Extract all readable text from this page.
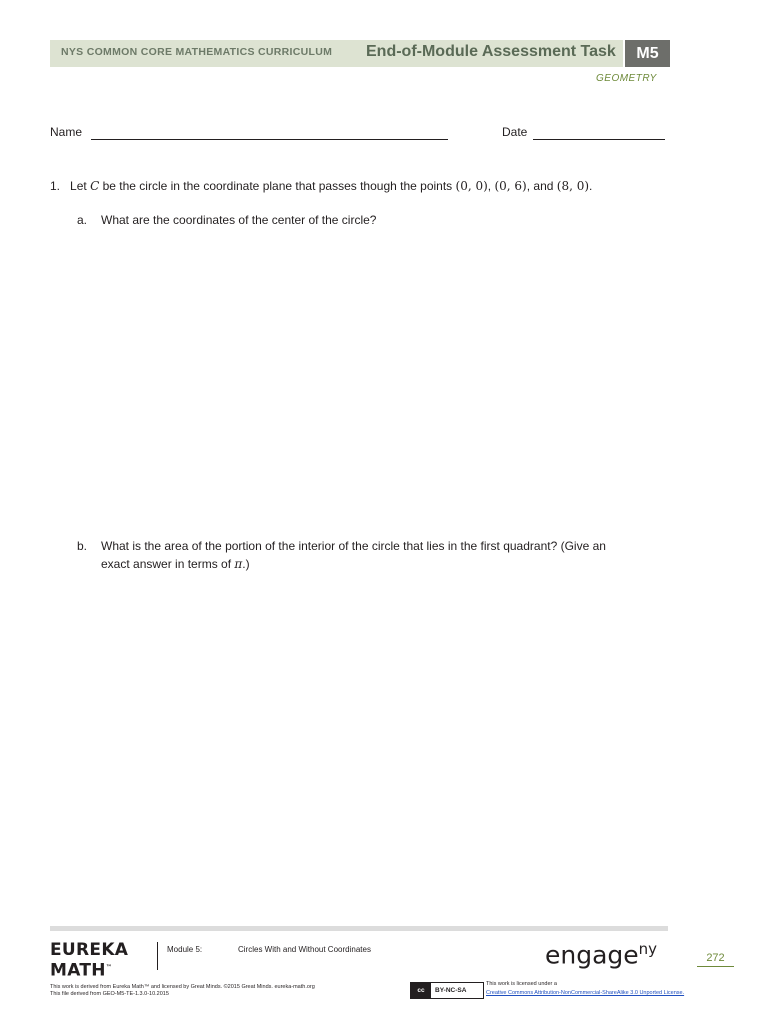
NYS COMMON CORE MATHEMATICS CURRICULUM End-of-Module Assessment Task	M5
GEOMETRY
Name	Date
1. Let C be the circle in the coordinate plane that passes though the points (0, 0), (0, 6), and (8, 0).
a. What are the coordinates of the center of the circle?
b. What is the area of the portion of the interior of the circle that lies in the first quadrant? (Give an
exact answer in terms of π.)
EUREKA
MATH™
Module 5:	Circles With and Without Coordinates	engage$^{ny}$	272
This work is derived from Eureka Math™ and licensed by Great Minds. ©2015 Great Minds. eureka-math.org
This file derived from GEO-M5-TE-1.3.0-10.2015	cc	BY-NC-SA
This work is licensed under a
Creative Commons Attribution-NonCommercial-ShareAlike 3.0 Unported License.
